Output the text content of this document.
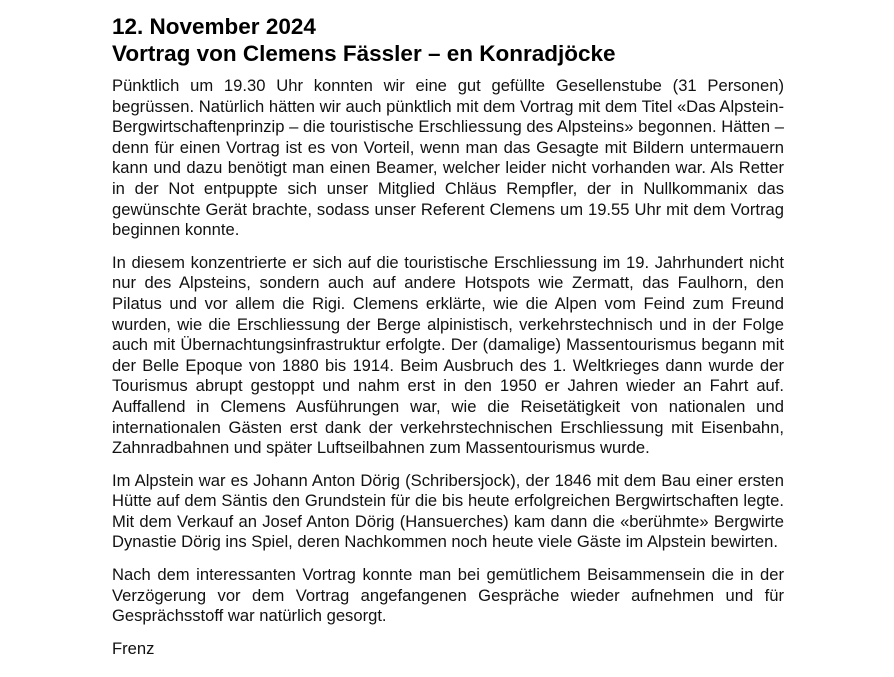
12. November 2024
Vortrag von Clemens Fässler – en Konradjöcke

Pünktlich um 19.30 Uhr konnten wir eine gut gefüllte Gesellenstube (31 Personen) begrüssen. Natürlich hätten wir auch pünktlich mit dem Vortrag mit dem Titel «Das Alpstein-Bergwirtschaftenprinzip – die touristische Erschliessung des Alpsteins» begonnen. Hätten – denn für einen Vortrag ist es von Vorteil, wenn man das Gesagte mit Bildern untermauern kann und dazu benötigt man einen Beamer, welcher leider nicht vorhanden war. Als Retter in der Not entpuppte sich unser Mitglied Chläus Rempfler, der in Nullkommanix das gewünschte Gerät brachte, sodass unser Referent Clemens um 19.55 Uhr mit dem Vortrag beginnen konnte.

In diesem konzentrierte er sich auf die touristische Erschliessung im 19. Jahrhundert nicht nur des Alpsteins, sondern auch auf andere Hotspots wie Zermatt, das Faulhorn, den Pilatus und vor allem die Rigi. Clemens erklärte, wie die Alpen vom Feind zum Freund wurden, wie die Erschliessung der Berge alpinistisch, verkehrstechnisch und in der Folge auch mit Übernachtungsinfrastruktur erfolgte. Der (damalige) Massentourismus begann mit der Belle Epoque von 1880 bis 1914. Beim Ausbruch des 1. Weltkrieges dann wurde der Tourismus abrupt gestoppt und nahm erst in den 1950 er Jahren wieder an Fahrt auf. Auffallend in Clemens Ausführungen war, wie die Reisetätigkeit von nationalen und internationalen Gästen erst dank der verkehrstechnischen Erschliessung mit Eisenbahn, Zahnradbahnen und später Luftseilbahnen zum Massentourismus wurde.

Im Alpstein war es Johann Anton Dörig (Schribersjock), der 1846 mit dem Bau einer ersten Hütte auf dem Säntis den Grundstein für die bis heute erfolgreichen Bergwirtschaften legte. Mit dem Verkauf an Josef Anton Dörig (Hansuerches) kam dann die «berühmte» Bergwirte Dynastie Dörig ins Spiel, deren Nachkommen noch heute viele Gäste im Alpstein bewirten.

Nach dem interessanten Vortrag konnte man bei gemütlichem Beisammensein die in der Verzögerung vor dem Vortrag angefangenen Gespräche wieder aufnehmen und für Gesprächsstoff war natürlich gesorgt.

Frenz
